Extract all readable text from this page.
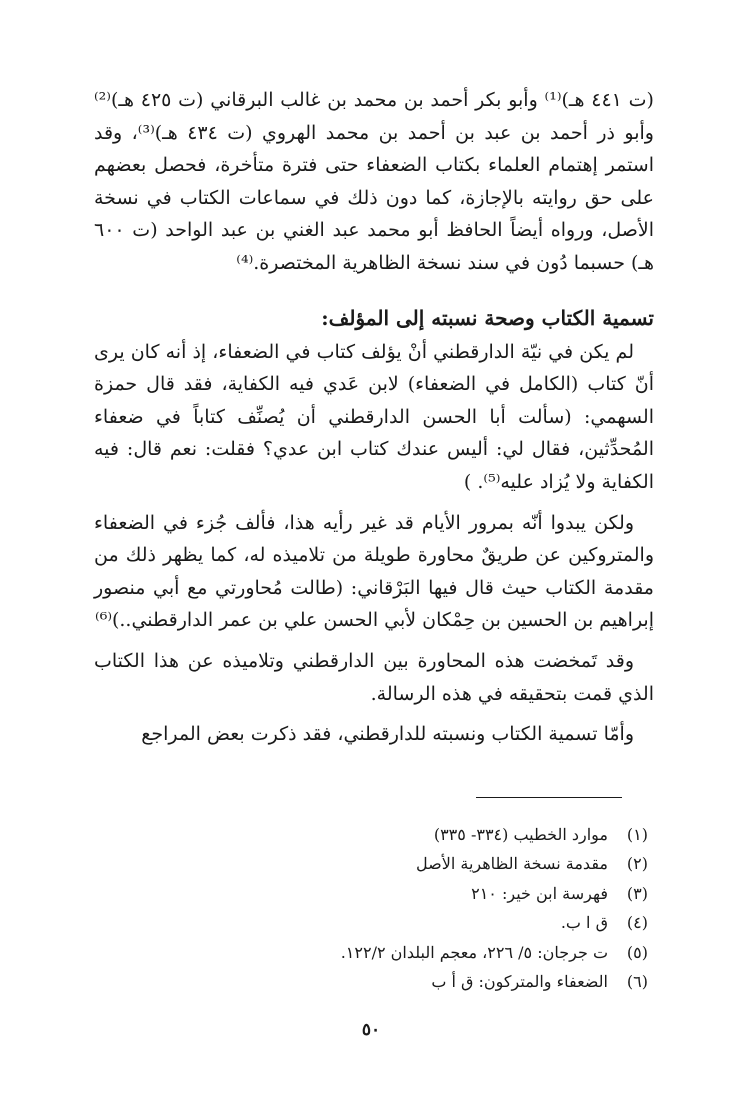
(ت ٤٤١ هـ)⁽¹⁾ وأبو بكر أحمد بن محمد بن غالب البرقاني (ت ٤٢٥ هـ)⁽²⁾ وأبو ذر أحمد بن عبد بن أحمد بن محمد الهروي (ت ٤٣٤ هـ)⁽³⁾، وقد استمر إهتمام العلماء بكتاب الضعفاء حتى فترة متأخرة، فحصل بعضهم على حق روايته بالإجازة، كما دون ذلك في سماعات الكتاب في نسخة الأصل، ورواه أيضاً الحافظ أبو محمد عبد الغني بن عبد الواحد (ت ٦٠٠ هـ) حسبما دُون في سند نسخة الظاهرية المختصرة.⁽⁴⁾

تسمية الكتاب وصحة نسبته إلى المؤلف:

لم يكن في نيّة الدارقطني أنْ يؤلف كتاب في الضعفاء، إذ أنه كان يرى أنّ كتاب (الكامل في الضعفاء) لابن عَدي فيه الكفاية، فقد قال حمزة السهمي: (سألت أبا الحسن الدارقطني أن يُصنِّف كتاباً في ضعفاء المُحدِّثين، فقال لي: أليس عندك كتاب ابن عدي؟ فقلت: نعم قال: فيه الكفاية ولا يُزاد عليه⁽⁵⁾. )

ولكن يبدوا أنّه بمرور الأيام قد غير رأيه هذا، فألف جُزء في الضعفاء والمتروكين عن طريقٌ محاورة طويلة من تلاميذه له، كما يظهر ذلك من مقدمة الكتاب حيث قال فيها البَرْقاني: (طالت مُحاورتي مع أبي منصور إبراهيم بن الحسين بن حِمْكان لأبي الحسن علي بن عمر الدارقطني..)⁽⁶⁾

وقد تَمخضت هذه المحاورة بين الدارقطني وتلاميذه عن هذا الكتاب الذي قمت بتحقيقه في هذه الرسالة.

وأمّا تسمية الكتاب ونسبته للدارقطني، فقد ذكرت بعض المراجع

(١)
موارد الخطيب (٣٣٤- ٣٣٥)
(٢)
مقدمة نسخة الظاهرية الأصل
(٣)
فهرسة ابن خير: ٢١٠
(٤)
ق ا ب.
(٥)
ت جرجان: ٥/ ٢٢٦، معجم البلدان ١٢٢/٢.
(٦)
الضعفاء والمتركون: ق أ ب
٥٠
